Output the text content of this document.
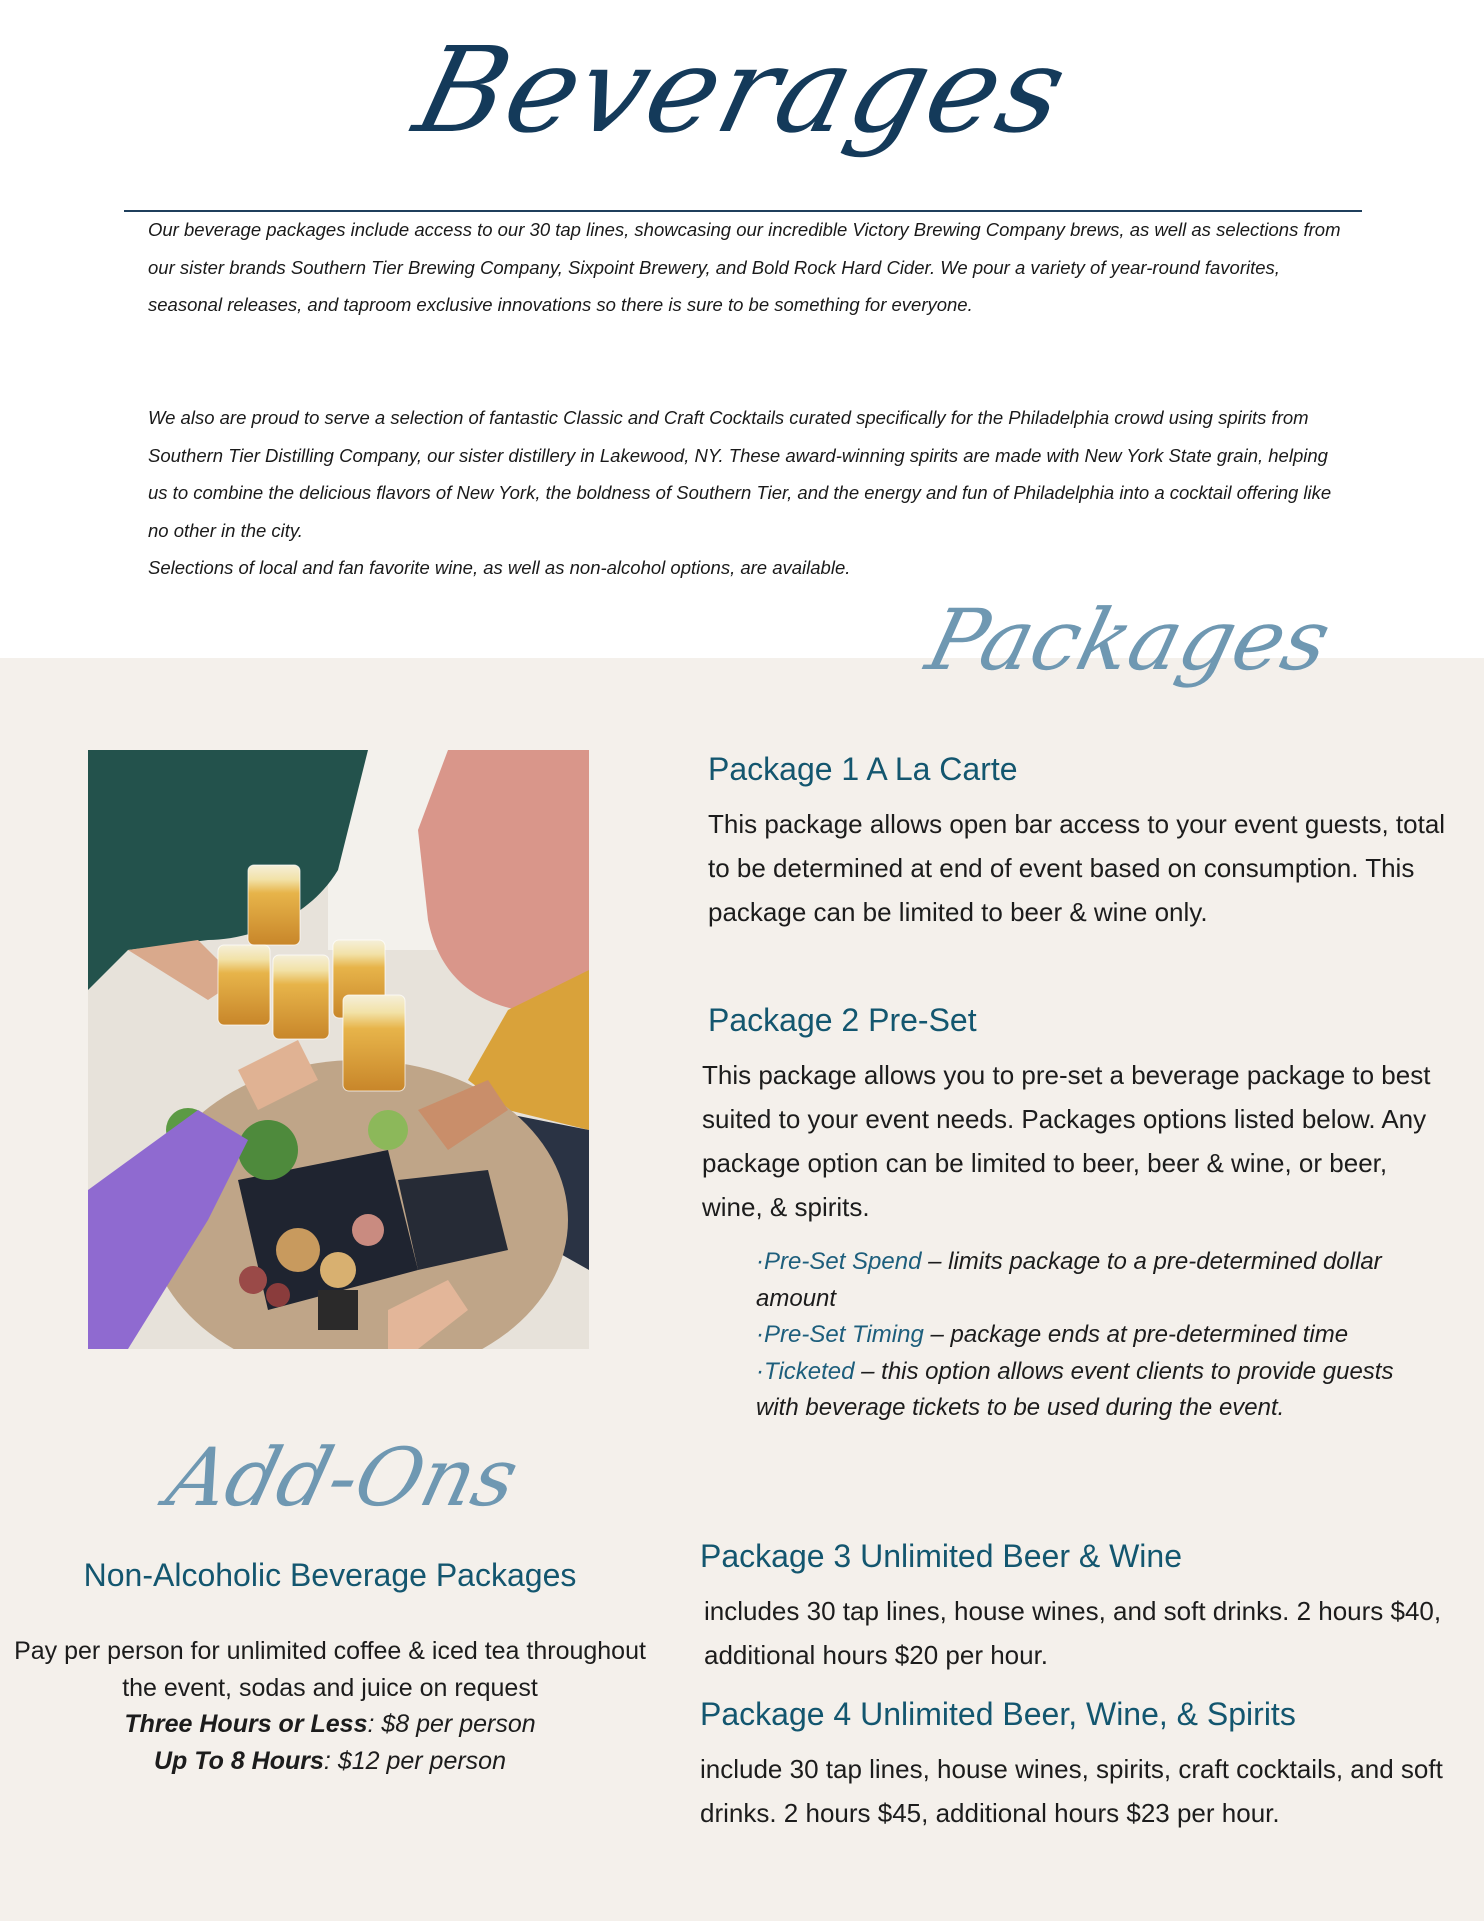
Beverages

Our beverage packages include access to our 30 tap lines, showcasing our incredible Victory Brewing Company brews, as well as selections from our sister brands Southern Tier Brewing Company, Sixpoint Brewery, and Bold Rock Hard Cider. We pour a variety of year-round favorites, seasonal releases, and taproom exclusive innovations so there is sure to be something for everyone.

We also are proud to serve a selection of fantastic Classic and Craft Cocktails curated specifically for the Philadelphia crowd using spirits from Southern Tier Distilling Company, our sister distillery in Lakewood, NY. These award-winning spirits are made with New York State grain, helping us to combine the delicious flavors of New York, the boldness of Southern Tier, and the energy and fun of Philadelphia into a cocktail offering like no other in the city.

Selections of local and fan favorite wine, as well as non-alcohol options, are available.

Packages
Package 1 A La Carte

This package allows open bar access to your event guests, total to be determined at end of event based on consumption. This package can be limited to beer & wine only.

Package 2 Pre-Set

This package allows you to pre-set a beverage package to best suited to your event needs. Packages options listed below. Any package option can be limited to beer, beer & wine, or beer, wine, & spirits.

·Pre-Set Spend – limits package to a pre-determined dollar amount
·Pre-Set Timing – package ends at pre-determined time
·Ticketed – this option allows event clients to provide guests with beverage tickets to be used during the event.
Package 3 Unlimited Beer & Wine

includes 30 tap lines, house wines, and soft drinks. 2 hours $40, additional hours $20 per hour.

Package 4 Unlimited Beer, Wine, & Spirits

include 30 tap lines, house wines, spirits, craft cocktails, and soft drinks. 2 hours $45, additional hours $23 per hour.

Add-Ons
Non-Alcoholic Beverage Packages
Pay per person for unlimited coffee & iced tea throughout the event, sodas and juice on request
Three Hours or Less: $8 per person
Up To 8 Hours: $12 per person
